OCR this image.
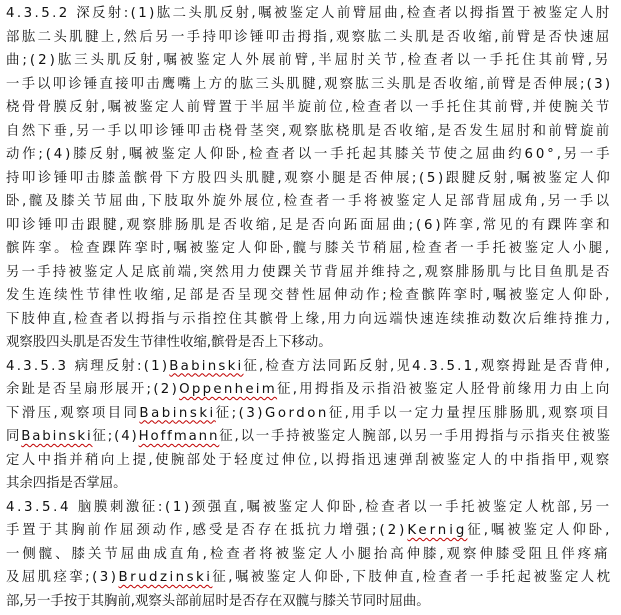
4.3.5.2 深反射:(1)肱二头肌反射,嘱被鉴定人前臂屈曲,检查者以拇指置于被鉴定人肘
部肱二头肌腱上,然后另一手持叩诊锤叩击拇指,观察肱二头肌是否收缩,前臂是否快速屈
曲;(2)肱三头肌反射,嘱被鉴定人外展前臂,半屈肘关节,检查者以一手托住其前臂,另
一手以叩诊锤直接叩击鹰嘴上方的肱三头肌腱,观察肱三头肌是否收缩,前臂是否伸展;(3)
桡骨骨膜反射,嘱被鉴定人前臂置于半屈半旋前位,检查者以一手托住其前臂,并使腕关节
自然下垂,另一手以叩诊锤叩击桡骨茎突,观察肱桡肌是否收缩,是否发生屈肘和前臂旋前
动作;(4)膝反射,嘱被鉴定人仰卧,检查者以一手托起其膝关节使之屈曲约60°,另一手
持叩诊锤叩击膝盖髌骨下方股四头肌腱,观察小腿是否伸展;(5)跟腱反射,嘱被鉴定人仰
卧,髋及膝关节屈曲,下肢取外旋外展位,检查者一手将被鉴定人足部背屈成角,另一手以
叩诊锤叩击跟腱,观察腓肠肌是否收缩,足是否向跖面屈曲;(6)阵挛,常见的有踝阵挛和
髌阵挛。检查踝阵挛时,嘱被鉴定人仰卧,髋与膝关节稍屈,检查者一手托被鉴定人小腿,
另一手持被鉴定人足底前端,突然用力使踝关节背屈并维持之,观察腓肠肌与比目鱼肌是否
发生连续性节律性收缩,足部是否呈现交替性屈伸动作;检查髌阵挛时,嘱被鉴定人仰卧,
下肢伸直,检查者以拇指与示指控住其髌骨上缘,用力向远端快速连续推动数次后维持推力,
观察股四头肌是否发生节律性收缩,髌骨是否上下移动。
4.3.5.3 病理反射:(1)Babinski征,检查方法同跖反射,见4.3.5.1,观察拇趾是否背伸,
余趾是否呈扇形展开;(2)Oppenheim征,用拇指及示指沿被鉴定人胫骨前缘用力由上向
下滑压,观察项目同Babinski征;(3)Gordon征,用手以一定力量捏压腓肠肌,观察项目
同Babinski征;(4)Hoffmann征,以一手持被鉴定人腕部,以另一手用拇指与示指夹住被鉴
定人中指并稍向上提,使腕部处于轻度过伸位,以拇指迅速弹刮被鉴定人的中指指甲,观察
其余四指是否掌屈。
4.3.5.4 脑膜刺激征:(1)颈强直,嘱被鉴定人仰卧,检查者以一手托被鉴定人枕部,另一
手置于其胸前作屈颈动作,感受是否存在抵抗力增强;(2)Kernig征,嘱被鉴定人仰卧,
一侧髋、膝关节屈曲成直角,检查者将被鉴定人小腿抬高伸膝,观察伸膝受阻且伴疼痛
及屈肌痉挛;(3)Brudzinski征,嘱被鉴定人仰卧,下肢伸直,检查者一手托起被鉴定人枕
部,另一手按于其胸前,观察头部前屈时是否存在双髋与膝关节同时屈曲。
